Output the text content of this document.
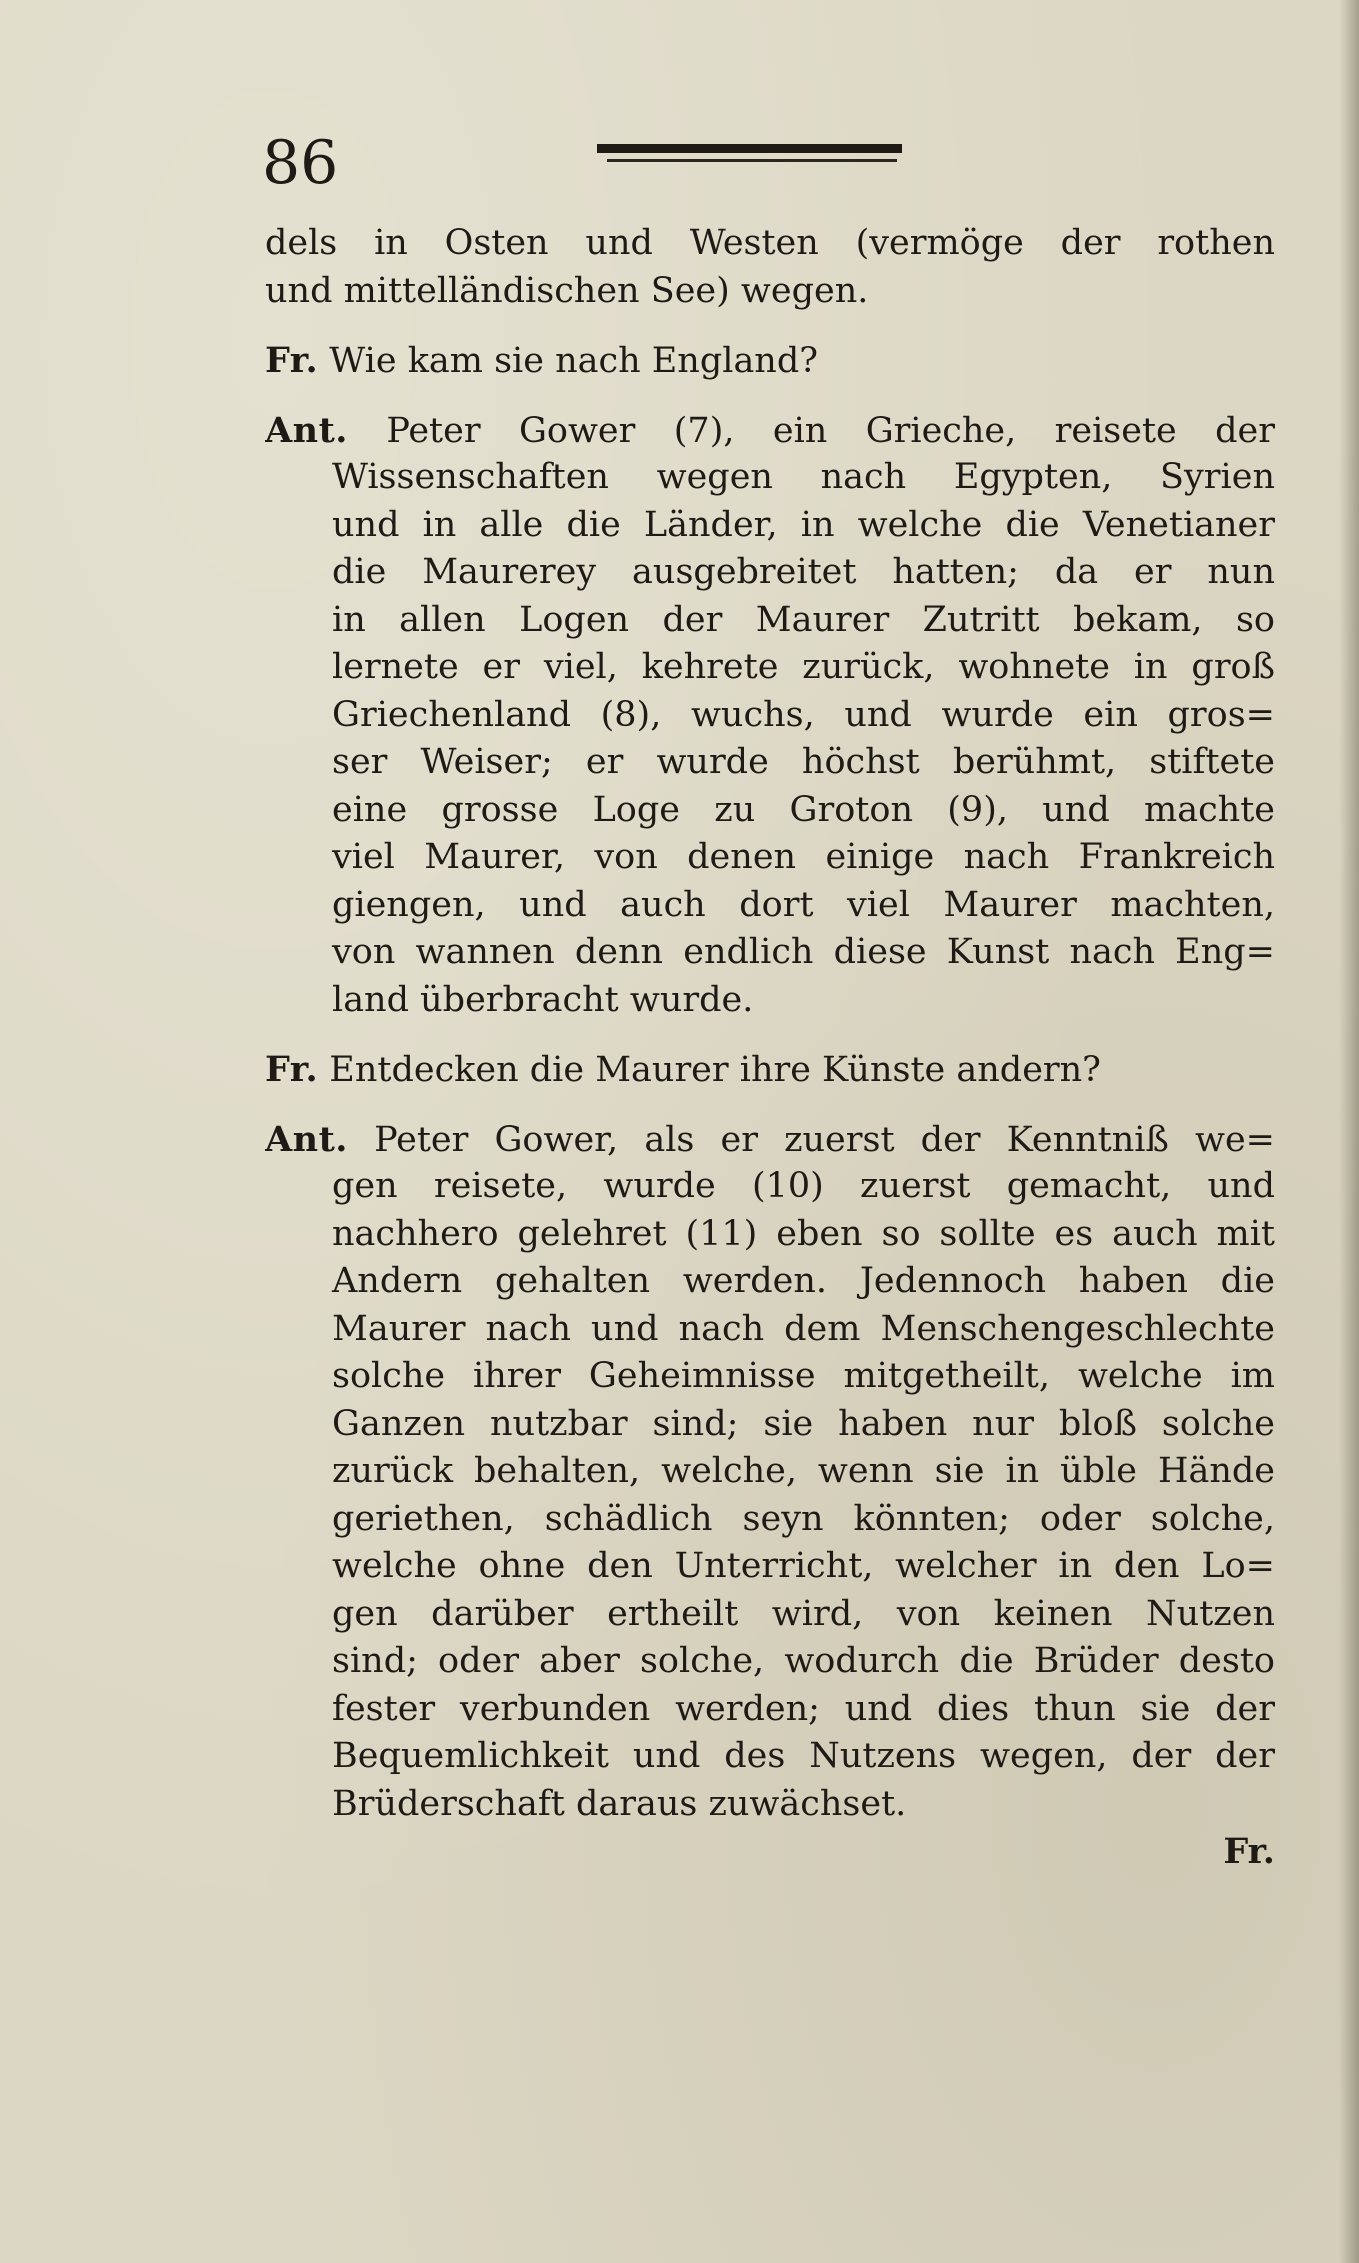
86
dels in Osten und Westen (vermöge der rothen
und mittelländischen See) wegen.
Fr. Wie kam sie nach England?
Ant. Peter Gower (7), ein Grieche, reisete der
Wissenschaften wegen nach Egypten, Syrien
und in alle die Länder, in welche die Venetianer
die Maurerey ausgebreitet hatten; da er nun
in allen Logen der Maurer Zutritt bekam, so
lernete er viel, kehrete zurück, wohnete in groß
Griechenland (8), wuchs, und wurde ein gros=
ser Weiser; er wurde höchst berühmt, stiftete
eine grosse Loge zu Groton (9), und machte
viel Maurer, von denen einige nach Frankreich
giengen, und auch dort viel Maurer machten,
von wannen denn endlich diese Kunst nach Eng=
land überbracht wurde.
Fr. Entdecken die Maurer ihre Künste andern?
Ant. Peter Gower, als er zuerst der Kenntniß we=
gen reisete, wurde (10) zuerst gemacht, und
nachhero gelehret (11) eben so sollte es auch mit
Andern gehalten werden. Jedennoch haben die
Maurer nach und nach dem Menschengeschlechte
solche ihrer Geheimnisse mitgetheilt, welche im
Ganzen nutzbar sind; sie haben nur bloß solche
zurück behalten, welche, wenn sie in üble Hände
geriethen, schädlich seyn könnten; oder solche,
welche ohne den Unterricht, welcher in den Lo=
gen darüber ertheilt wird, von keinen Nutzen
sind; oder aber solche, wodurch die Brüder desto
fester verbunden werden; und dies thun sie der
Bequemlichkeit und des Nutzens wegen, der der
Brüderschaft daraus zuwächset.
Fr.
